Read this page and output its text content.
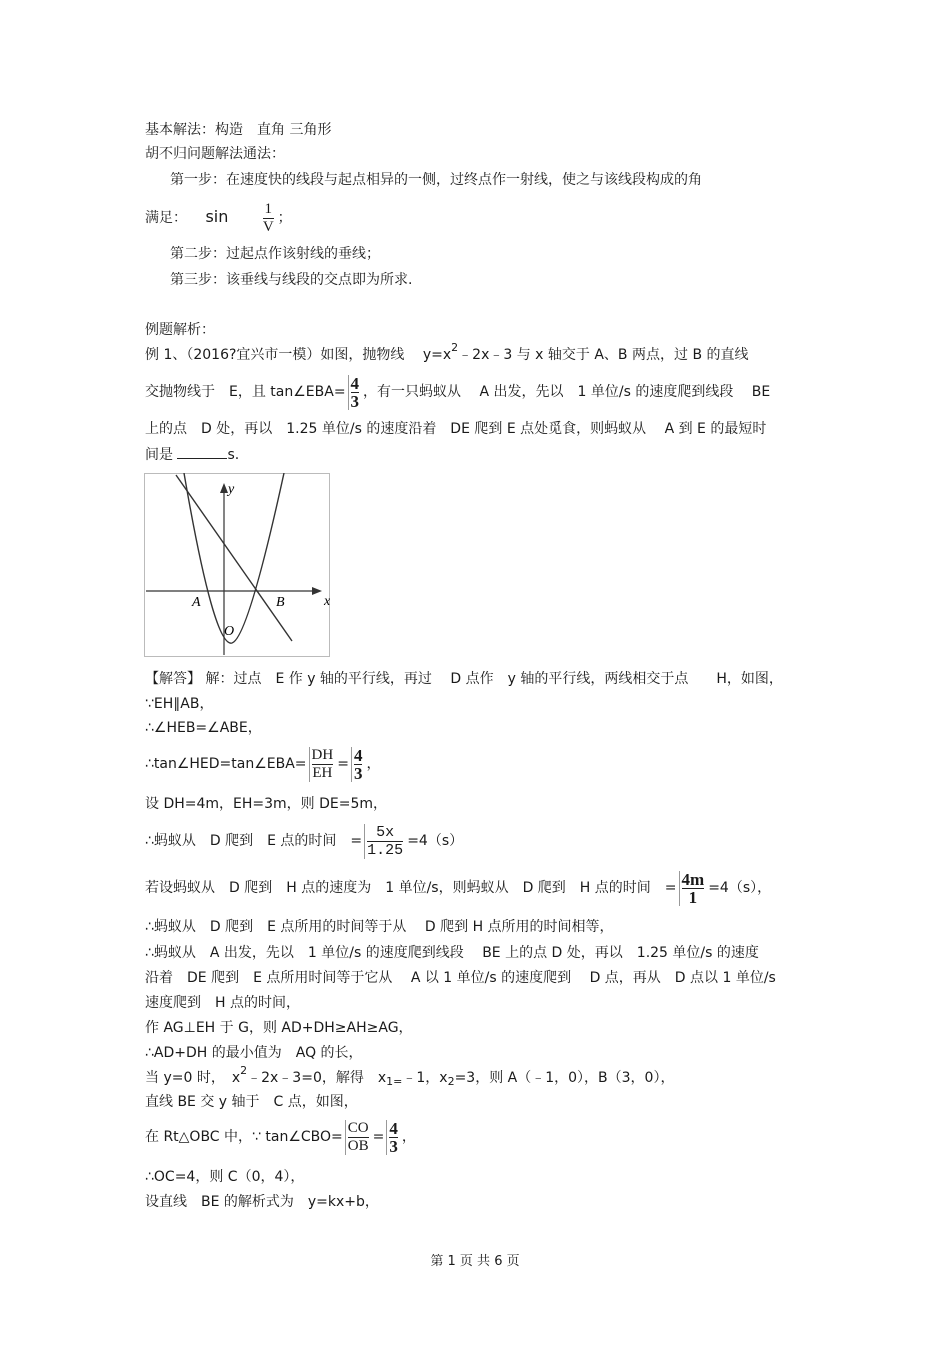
基本解法：构造　直角 三角形
胡不归问题解法通法：
第一步：在速度快的线段与起点相异的一侧，过终点作一射线，使之与该线段构成的角
满足： $\sin \frac{1}{V}$ ；
第二步：过起点作该射线的垂线；
第三步：该垂线与线段的交点即为所求.
例题解析：
例 1、（2016?宜兴市一模）如图，抛物线　 $y=x^2﹣2x﹣3$ 与 x 轴交于 A、B 两点，过 B 的直线
交抛物线于　E，且 tan∠EBA= $\frac{4}{3}$ ，有一只蚂蚁从　 A 出发，先以　1 单位/s 的速度爬到线段　 BE
上的点　D 处，再以　1.25 单位/s 的速度沿着　DE 爬到 E 点处觅食，则蚂蚁从　 A 到 E 的最短时
间是	s.
x
y
A	B
O
【解答】 解：过点　E 作 y 轴的平行线，再过　 D 点作　y 轴的平行线，两线相交于点　　H，如图，
∵EH∥AB，
∴∠HEB=∠ABE，
∴tan∠HED=tan∠EBA= $\frac{DH}{EH} = \frac{4}{3}$ ，
设 DH=4m，EH=3m，则 DE=5m，
∴蚂蚁从　D 爬到　E 点的时间　= $\frac{5x}{1.25} =4(s)$
若设蚂蚁从　D 爬到　H 点的速度为　1 单位/s，则蚂蚁从　D 爬到　H 点的时间　= $\frac{4m}{1} =4(s)$，
∴蚂蚁从　D 爬到　E 点所用的时间等于从　 D 爬到 H 点所用的时间相等，
∴蚂蚁从　A 出发，先以　1 单位/s 的速度爬到线段　 BE 上的点 D 处，再以　1.25 单位/s 的速度
沿着　DE 爬到　E 点所用时间等于它从　 A 以 1 单位/s 的速度爬到　 D 点，再从　D 点以 1 单位/s
速度爬到　H 点的时间，
作 AG⊥EH 于 G，则 AD+DH≥AH≥AG，
∴AD+DH 的最小值为　AQ 的长，
当 y=0 时，　$x^2﹣2x﹣3=0$，解得　$x_{1=}﹣1$，$x_2=3$，则 A（﹣1，0），B（3，0），
直线 BE 交 y 轴于　C 点，如图，
在 Rt△OBC 中，∵ tan∠CBO= $\frac{CO}{OB} = \frac{4}{3}$ ，
∴OC=4，则 C（0，4），
设直线　BE 的解析式为　y=kx+b，
第 1 页 共 6 页
